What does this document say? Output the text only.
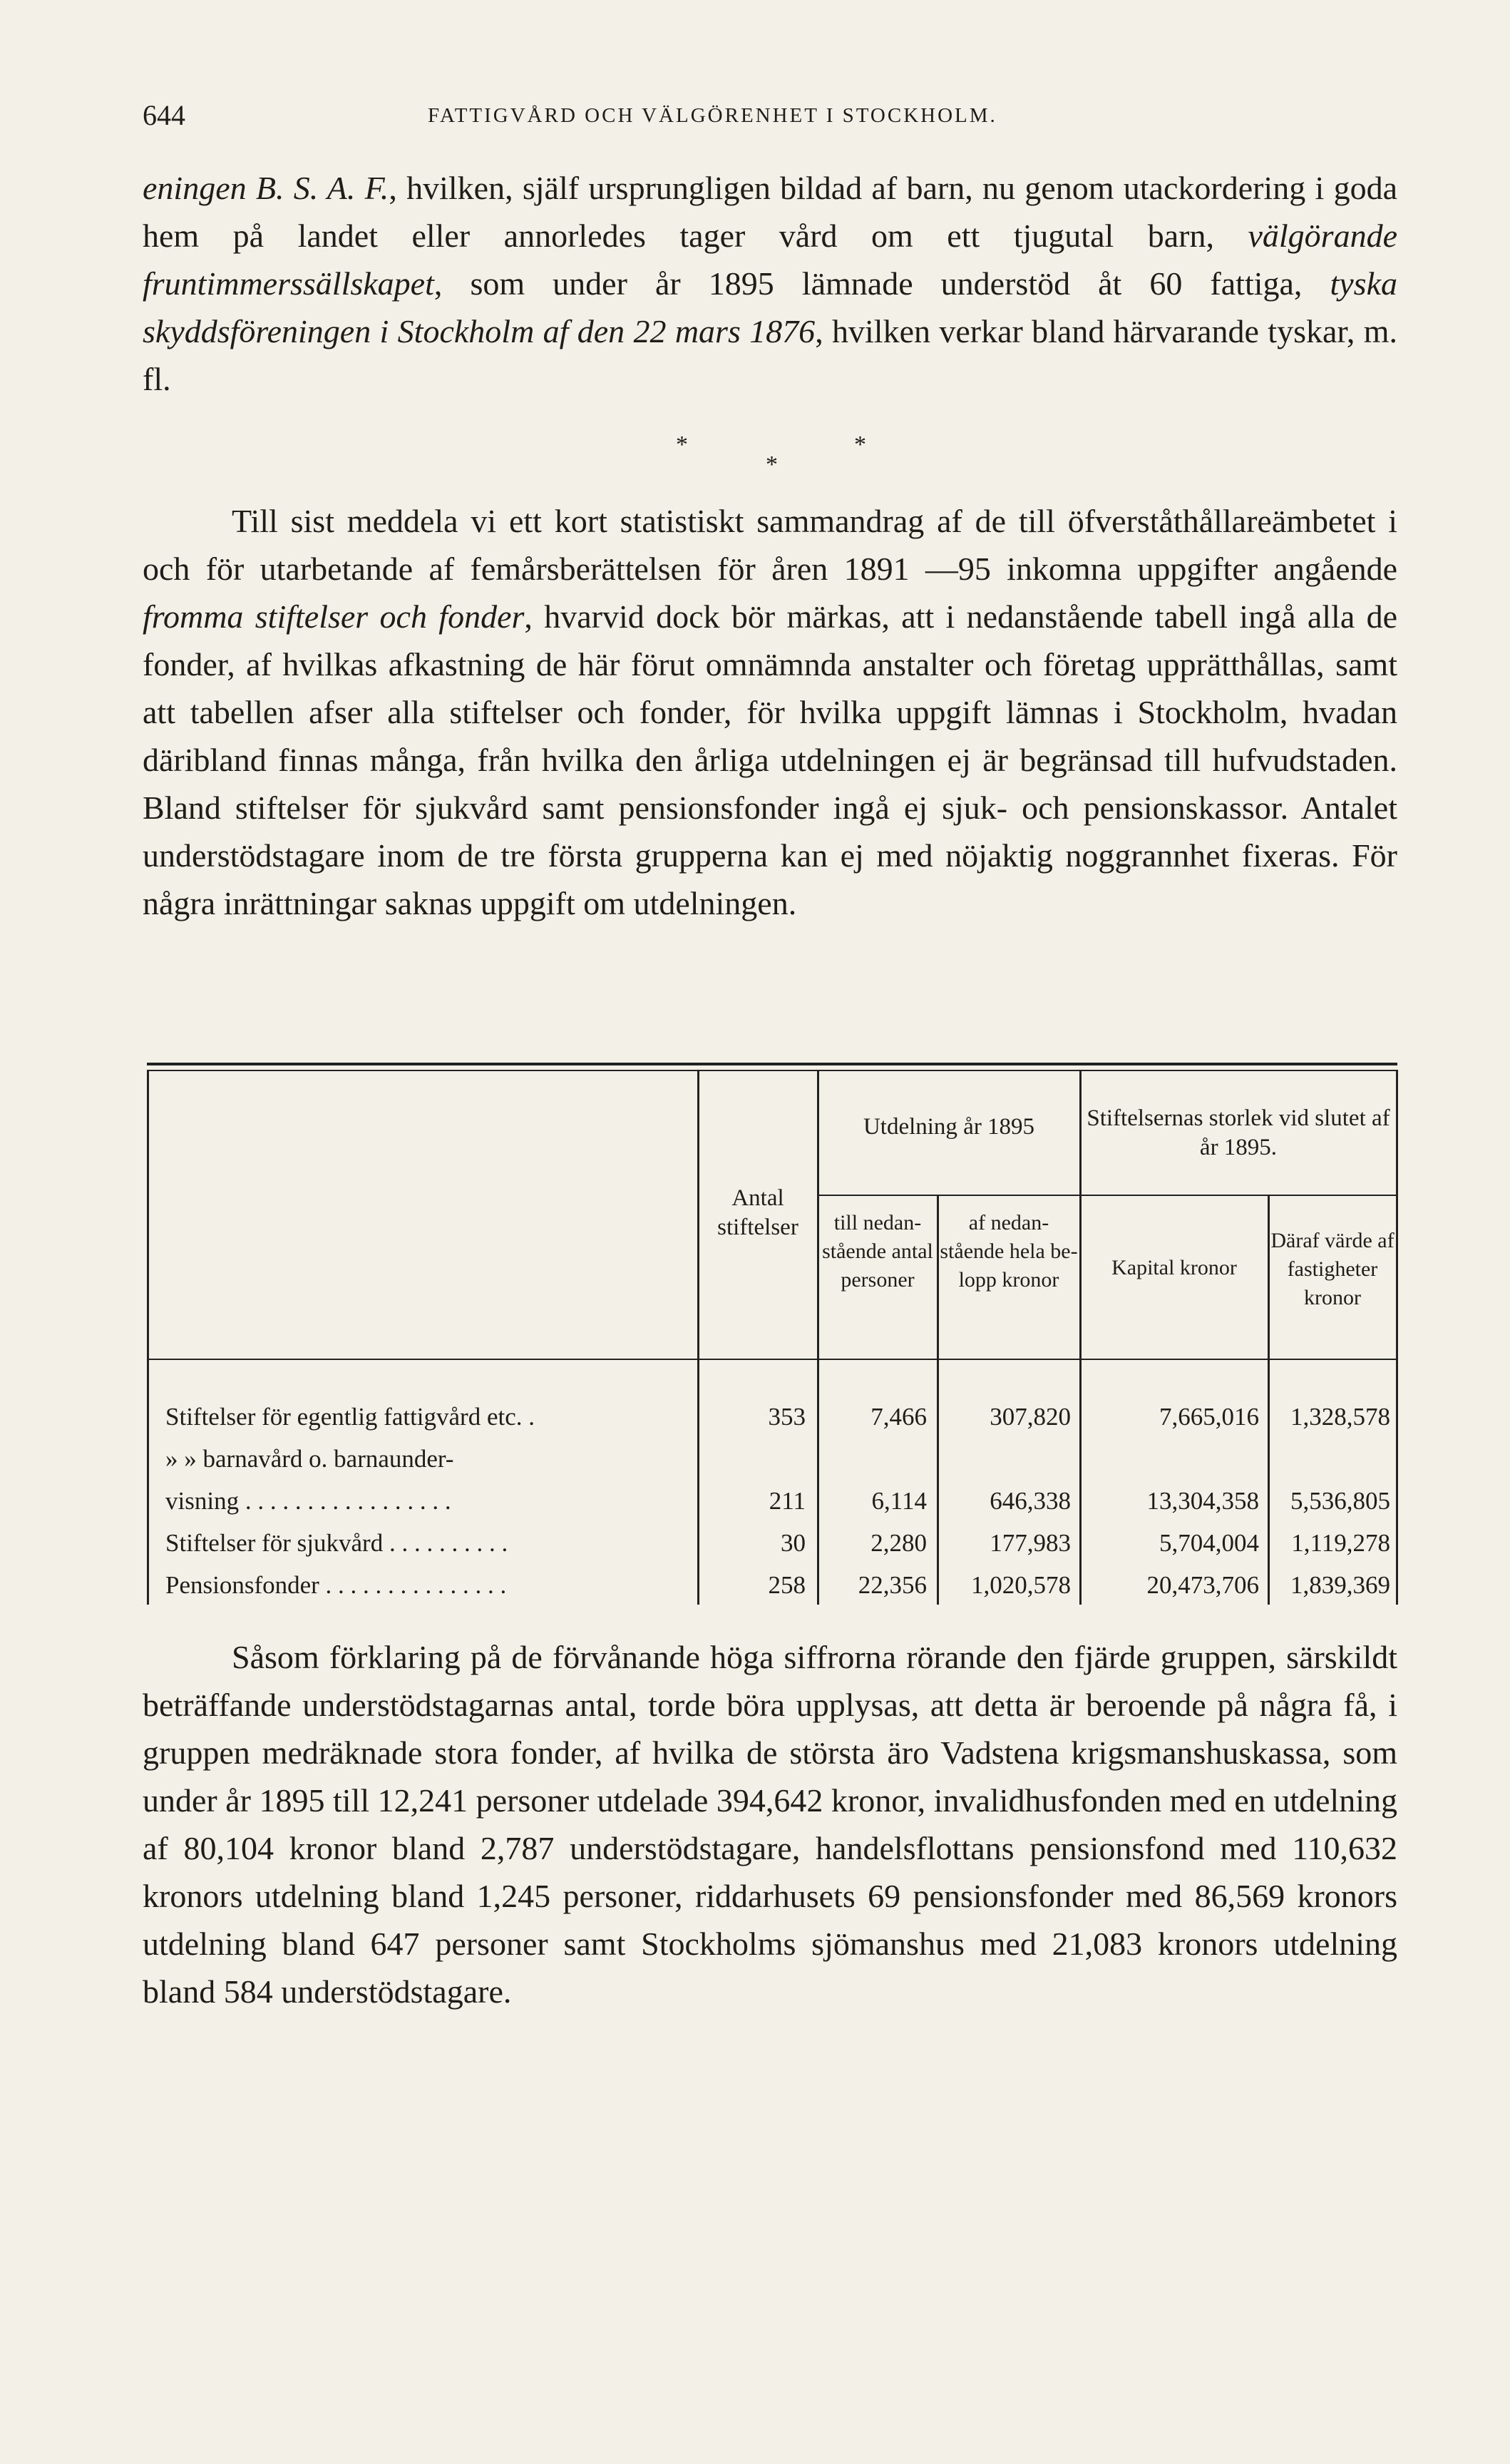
644	FATTIGVÅRD OCH VÄLGÖRENHET I STOCKHOLM.
eningen B. S. A. F., hvilken, själf ursprungligen bildad af barn, nu genom utackordering i goda hem på landet eller annorledes tager vård om ett tjugutal barn, välgörande fruntimmerssällskapet, som under år 1895 lämnade understöd åt 60 fattiga, tyska skyddsföreningen i Stockholm af den 22 mars 1876, hvilken verkar bland härvarande tyskar, m. fl.
*	*
*
Till sist meddela vi ett kort statistiskt sammandrag af de till öfverståthållareämbetet i och för utarbetande af femårsberättelsen för åren 1891 —95 inkomna uppgifter angående fromma stiftelser och fonder, hvarvid dock bör märkas, att i nedanstående tabell ingå alla de fonder, af hvilkas afkastning de här förut omnämnda anstalter och företag upprätthållas, samt att tabellen afser alla stiftelser och fonder, för hvilka uppgift lämnas i Stockholm, hvadan däribland finnas många, från hvilka den årliga utdelningen ej är begränsad till hufvudstaden. Bland stiftelser för sjukvård samt pensionsfonder ingå ej sjuk- och pensionskassor. Antalet understödstagare inom de tre första grupperna kan ej med nöjaktig noggrannhet fixeras. För några inrättningar saknas uppgift om utdelningen.
Antal stiftelser
Utdelning år 1895
till nedan-stående antal personer
af nedan-stående hela be-lopp kronor
Stiftelsernas storlek vid slutet af år 1895.
Kapital kronor
Däraf värde af fastigheter kronor
Stiftelser för egentlig fattigvård etc. .	353	7,466	307,820	7,665,016	1,328,578
» » barnavård o. barnaunder-
visning . . . . . . . . . . . . . . . . .	211	6,114	646,338	13,304,358	5,536,805
Stiftelser för sjukvård . . . . . . . . . .	30	2,280	177,983	5,704,004	1,119,278
Pensionsfonder . . . . . . . . . . . . . . .	258	22,356	1,020,578	20,473,706	1,839,369
Såsom förklaring på de förvånande höga siffrorna rörande den fjärde gruppen, särskildt beträffande understödstagarnas antal, torde böra upplysas, att detta är beroende på några få, i gruppen medräknade stora fonder, af hvilka de största äro Vadstena krigsmanshuskassa, som under år 1895 till 12,241 personer utdelade 394,642 kronor, invalidhusfonden med en utdelning af 80,104 kronor bland 2,787 understödstagare, handelsflottans pensionsfond med 110,632 kronors utdelning bland 1,245 personer, riddarhusets 69 pensionsfonder med 86,569 kronors utdelning bland 647 personer samt Stockholms sjömanshus med 21,083 kronors utdelning bland 584 understödstagare.
